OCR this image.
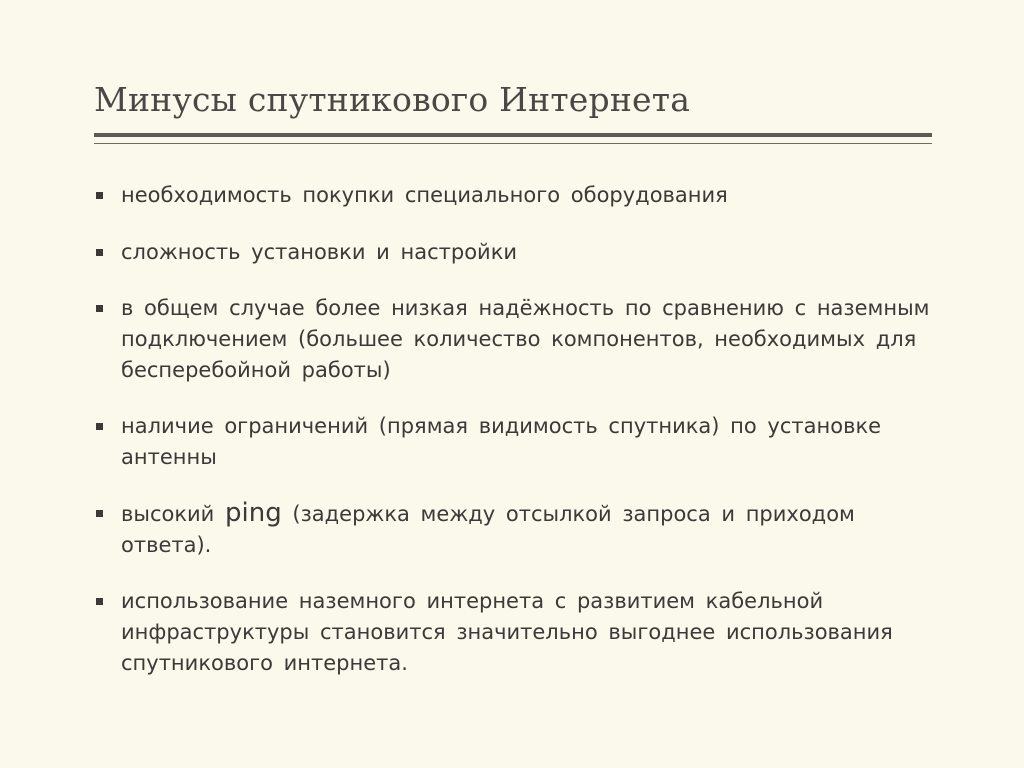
Минусы спутникового Интернета
необходимость покупки специального оборудования
сложность установки и настройки
в общем случае более низкая надёжность по сравнению с наземным подключением (большее количество компонентов, необходимых для бесперебойной работы)
наличие ограничений (прямая видимость спутника) по установке антенны
высокий ping (задержка между отсылкой запроса и приходом ответа).
использование наземного интернета с развитием кабельной инфраструктуры становится значительно выгоднее использования спутникового интернета.
